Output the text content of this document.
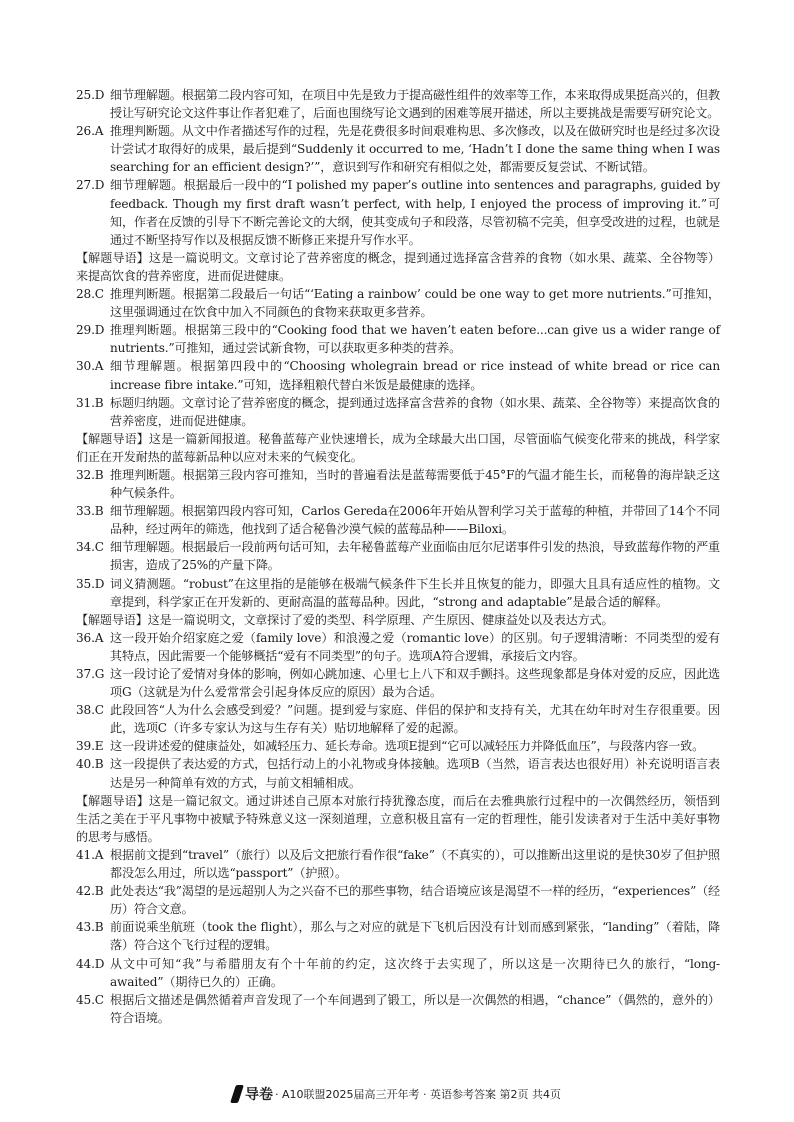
25.D 细节理解题。根据第二段内容可知，在项目中先是致力于提高磁性组件的效率等工作，本来取得成果挺高兴的，但教授让写研究论文这件事让作者犯难了，后面也围绕写论文遇到的困难等展开描述，所以主要挑战是需要写研究论文。
26.A 推理判断题。从文中作者描述写作的过程，先是花费很多时间艰难构思、多次修改，以及在做研究时也是经过多次设计尝试才取得好的成果，最后提到“Suddenly it occurred to me, ‘Hadn’t I done the same thing when I was searching for an efficient design?’”，意识到写作和研究有相似之处，都需要反复尝试、不断试错。
27.D 细节理解题。根据最后一段中的“I polished my paper’s outline into sentences and paragraphs, guided by feedback. Though my first draft wasn’t perfect, with help, I enjoyed the process of improving it.”可知，作者在反馈的引导下不断完善论文的大纲，使其变成句子和段落，尽管初稿不完美，但享受改进的过程，也就是通过不断坚持写作以及根据反馈不断修正来提升写作水平。
【解题导语】这是一篇说明文。文章讨论了营养密度的概念，提到通过选择富含营养的食物（如水果、蔬菜、全谷物等）来提高饮食的营养密度，进而促进健康。
28.C 推理判断题。根据第二段最后一句话“‘Eating a rainbow’ could be one way to get more nutrients.”可推知，这里强调通过在饮食中加入不同颜色的食物来获取更多营养。
29.D 推理判断题。根据第三段中的“Cooking food that we haven’t eaten before...can give us a wider range of nutrients.”可推知，通过尝试新食物，可以获取更多种类的营养。
30.A 细节理解题。根据第四段中的“Choosing wholegrain bread or rice instead of white bread or rice can increase fibre intake.”可知，选择粗粮代替白米饭是最健康的选择。
31.B 标题归纳题。文章讨论了营养密度的概念，提到通过选择富含营养的食物（如水果、蔬菜、全谷物等）来提高饮食的营养密度，进而促进健康。
【解题导语】这是一篇新闻报道。秘鲁蓝莓产业快速增长，成为全球最大出口国，尽管面临气候变化带来的挑战，科学家们正在开发耐热的蓝莓新品种以应对未来的气候变化。
32.B 推理判断题。根据第三段内容可推知，当时的普遍看法是蓝莓需要低于45°F的气温才能生长，而秘鲁的海岸缺乏这种气候条件。
33.B 细节理解题。根据第四段内容可知，Carlos Gereda在2006年开始从智利学习关于蓝莓的种植，并带回了14个不同品种，经过两年的筛选，他找到了适合秘鲁沙漠气候的蓝莓品种——Biloxi。
34.C 细节理解题。根据最后一段前两句话可知，去年秘鲁蓝莓产业面临由厄尔尼诺事件引发的热浪，导致蓝莓作物的严重损害，造成了25%的产量下降。
35.D 词义猜测题。“robust”在这里指的是能够在极端气候条件下生长并且恢复的能力，即强大且具有适应性的植物。文章提到，科学家正在开发新的、更耐高温的蓝莓品种。因此，“strong and adaptable”是最合适的解释。
【解题导语】这是一篇说明文，文章探讨了爱的类型、科学原理、产生原因、健康益处以及表达方式。
36.A 这一段开始介绍家庭之爱（family love）和浪漫之爱（romantic love）的区别。句子逻辑清晰：不同类型的爱有其特点，因此需要一个能够概括“爱有不同类型”的句子。选项A符合逻辑，承接后文内容。
37.G 这一段讨论了爱情对身体的影响，例如心跳加速、心里七上八下和双手颤抖。这些现象都是身体对爱的反应，因此选项G（这就是为什么爱常常会引起身体反应的原因）最为合适。
38.C 此段回答“人为什么会感受到爱？”问题。提到爱与家庭、伴侣的保护和支持有关，尤其在幼年时对生存很重要。因此，选项C（许多专家认为这与生存有关）贴切地解释了爱的起源。
39.E 这一段讲述爱的健康益处，如减轻压力、延长寿命。选项E提到“它可以减轻压力并降低血压”，与段落内容一致。
40.B 这一段提供了表达爱的方式，包括行动上的小礼物或身体接触。选项B（当然，语言表达也很好用）补充说明语言表达是另一种简单有效的方式，与前文相辅相成。
【解题导语】这是一篇记叙文。通过讲述自己原本对旅行持犹豫态度，而后在去雅典旅行过程中的一次偶然经历，领悟到生活之美在于平凡事物中被赋予特殊意义这一深刻道理，立意积极且富有一定的哲理性，能引发读者对于生活中美好事物的思考与感悟。
41.A 根据前文提到“travel”（旅行）以及后文把旅行看作很“fake”（不真实的），可以推断出这里说的是快30岁了但护照都没怎么用过，所以选“passport”（护照）。
42.B 此处表达“我”渴望的是远超别人为之兴奋不已的那些事物，结合语境应该是渴望不一样的经历，“experiences”（经历）符合文意。
43.B 前面说乘坐航班（took the flight），那么与之对应的就是下飞机后因没有计划而感到紧张，“landing”（着陆，降落）符合这个飞行过程的逻辑。
44.D 从文中可知“我”与希腊朋友有个十年前的约定，这次终于去实现了，所以这是一次期待已久的旅行，“long-awaited”（期待已久的）正确。
45.C 根据后文描述是偶然循着声音发现了一个车间遇到了锻工，所以是一次偶然的相遇，“chance”（偶然的，意外的）符合语境。
导卷 · A10联盟2025届高三开年考 · 英语参考答案 第2页 共4页
